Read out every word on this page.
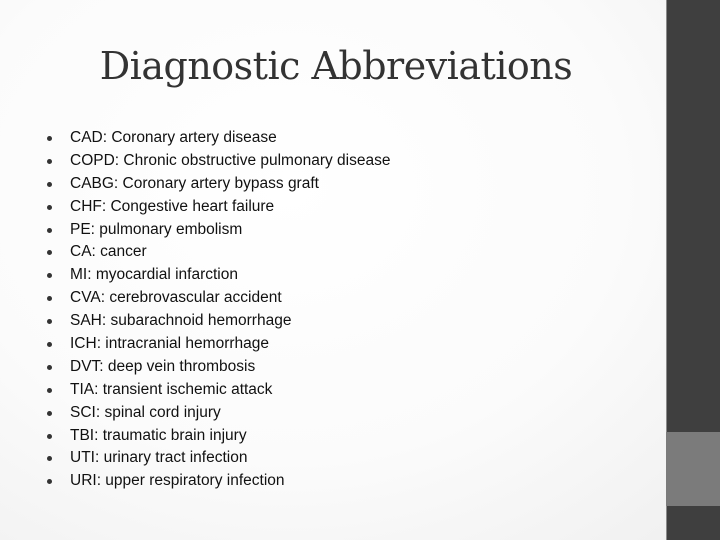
Diagnostic Abbreviations
CAD: Coronary artery disease
COPD: Chronic obstructive pulmonary disease
CABG: Coronary artery bypass graft
CHF: Congestive heart failure
PE: pulmonary embolism
CA: cancer
MI: myocardial infarction
CVA: cerebrovascular accident
SAH: subarachnoid hemorrhage
ICH: intracranial hemorrhage
DVT: deep vein thrombosis
TIA: transient ischemic attack
SCI: spinal cord injury
TBI: traumatic brain injury
UTI: urinary tract infection
URI: upper respiratory infection
